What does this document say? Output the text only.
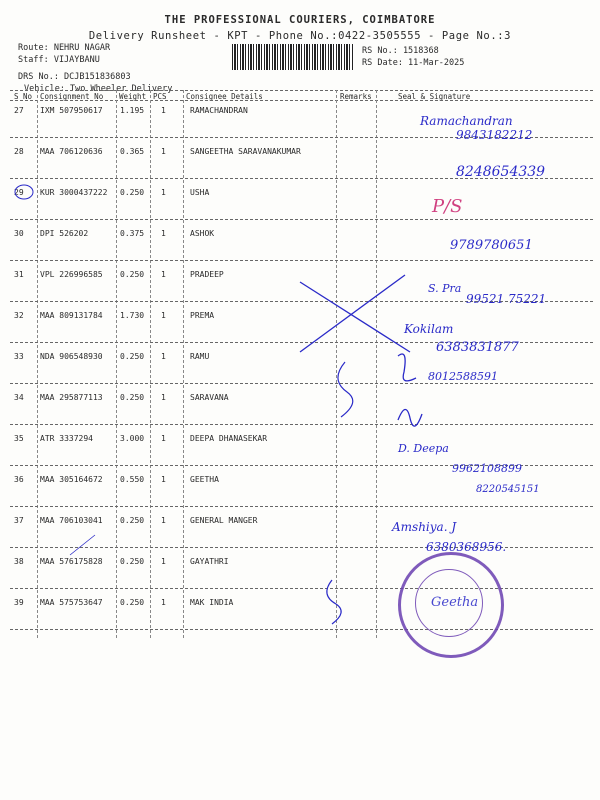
THE PROFESSIONAL COURIERS, COIMBATORE
Delivery Runsheet - KPT - Phone No.:0422-3505555 - Page No.:3
Route: NEHRU NAGAR
Staff: VIJAYBANU
DRS No.: DCJB151836803
Vehicle: Two Wheeler Delivery
RS No.: 1518368
RS Date: 11-Mar-2025
S No Consignment No Weight PCS	Consignee Details	Remarks	Seal & Signature
27 IXM 507950617 1.195 1	RAMACHANDRAN
28 MAA 706120636 0.365 1	SANGEETHA SARAVANAKUMAR
29 KUR 3000437222 0.250 1	USHA
30 DPI 526202	0.375 1	ASHOK
31 VPL 226996585 0.250 1	PRADEEP
32 MAA 809131784 1.730 1	PREMA
33 NDA 906548930 0.250 1	RAMU
34 MAA 295877113 0.250 1	SARAVANA
35 ATR 3337294	3.000 1	DEEPA DHANASEKAR
36 MAA 305164672 0.550 1	GEETHA
37 MAA 706103041 0.250 1	GENERAL MANGER
38 MAA 576175828 0.250 1	GAYATHRI
39 MAA 575753647 0.250 1	MAK INDIA
Ramachandran
9843182212
8248654339
P/S
9789780651
S. Pra
99521 75221
Kokilam
6383831877
8012588591
D. Deepa
9962108899
8220545151
Amshiya. J
6380368956.
Geetha
